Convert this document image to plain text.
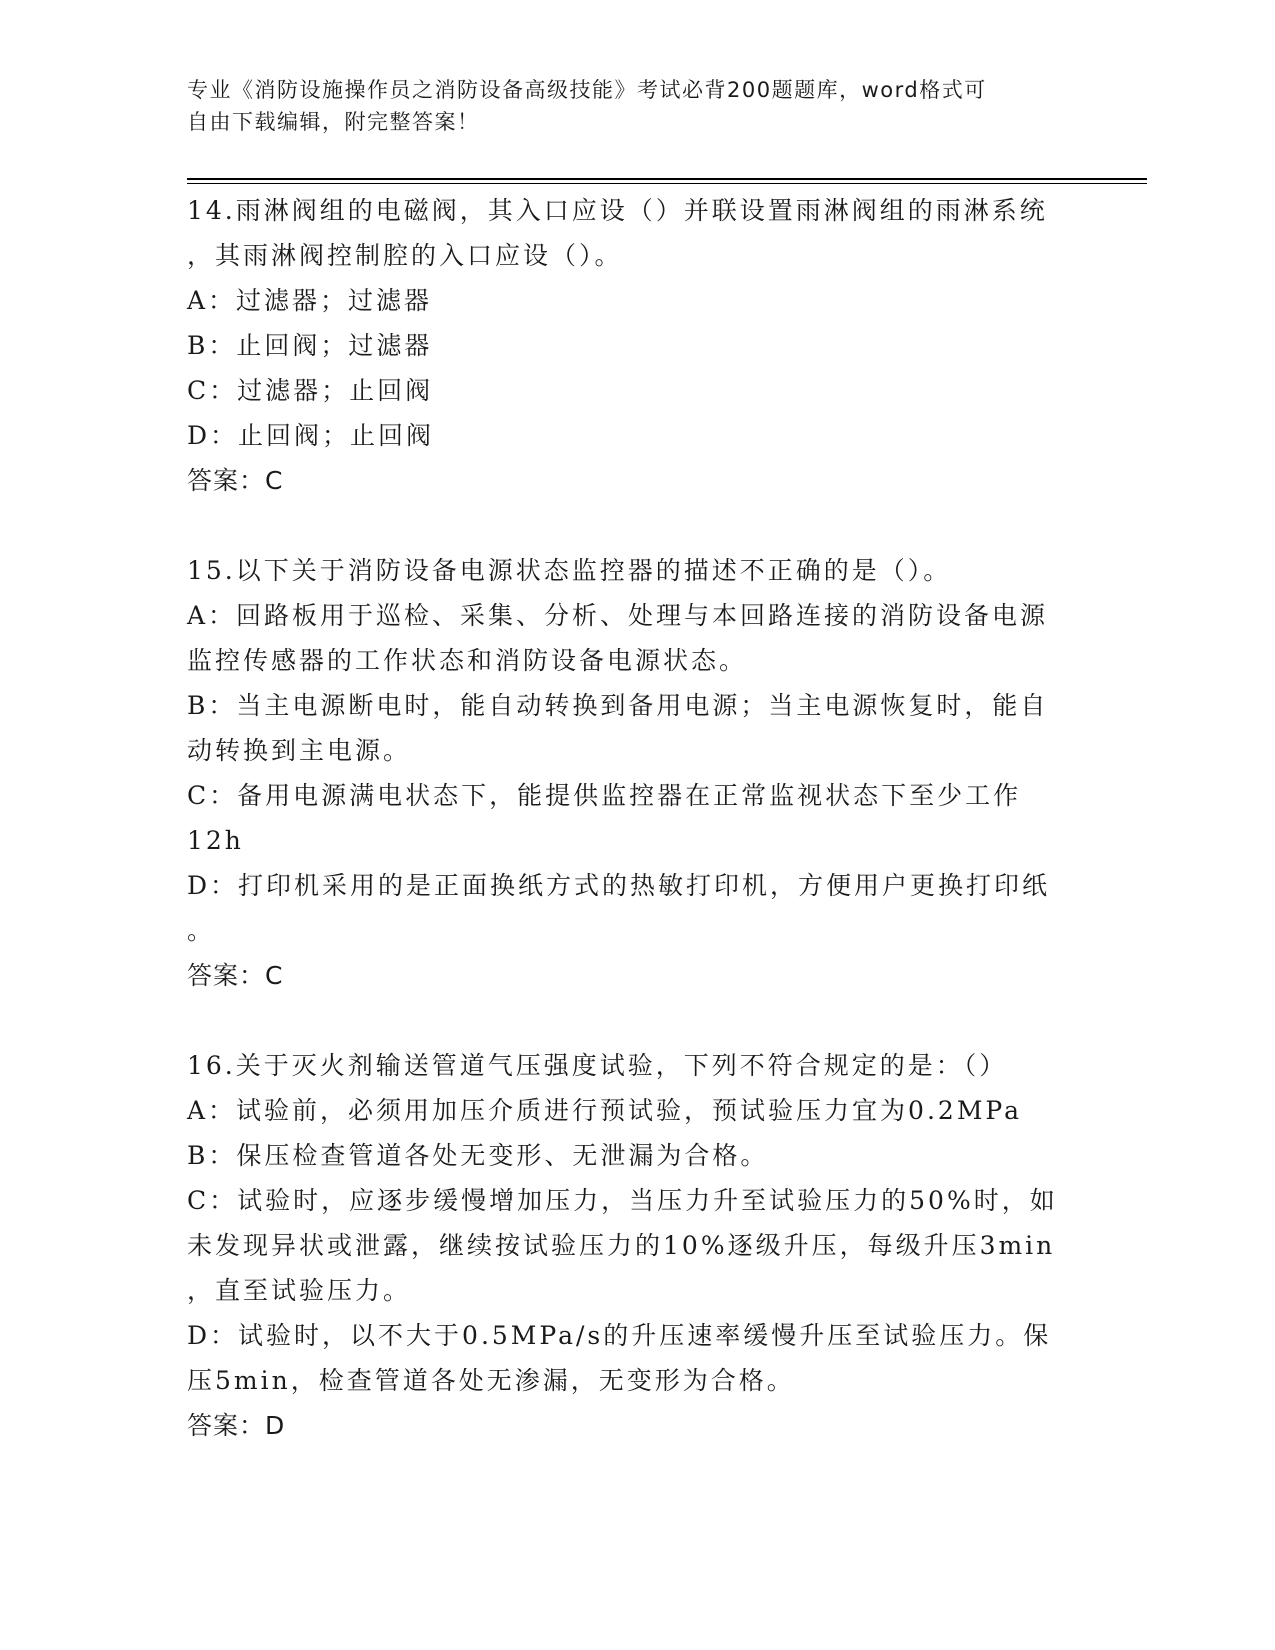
专业《消防设施操作员之消防设备高级技能》考试必背200题题库，word格式可
自由下载编辑，附完整答案！
14.雨淋阀组的电磁阀，其入口应设（）并联设置雨淋阀组的雨淋系统
，其雨淋阀控制腔的入口应设（）。
A：过滤器；过滤器
B：止回阀；过滤器
C：过滤器；止回阀
D：止回阀；止回阀
答案：C
15.以下关于消防设备电源状态监控器的描述不正确的是（）。
A：回路板用于巡检、采集、分析、处理与本回路连接的消防设备电源
监控传感器的工作状态和消防设备电源状态。
B：当主电源断电时，能自动转换到备用电源；当主电源恢复时，能自
动转换到主电源。
C：备用电源满电状态下，能提供监控器在正常监视状态下至少工作
12h
D：打印机采用的是正面换纸方式的热敏打印机，方便用户更换打印纸
。
答案：C
16.关于灭火剂输送管道气压强度试验，下列不符合规定的是：（）
A：试验前，必须用加压介质进行预试验，预试验压力宜为0.2MPa
B：保压检查管道各处无变形、无泄漏为合格。
C：试验时，应逐步缓慢增加压力，当压力升至试验压力的50%时，如
未发现异状或泄露，继续按试验压力的10%逐级升压，每级升压3min
，直至试验压力。
D：试验时，以不大于0.5MPa/s的升压速率缓慢升压至试验压力。保
压5min，检查管道各处无渗漏，无变形为合格。
答案：D
